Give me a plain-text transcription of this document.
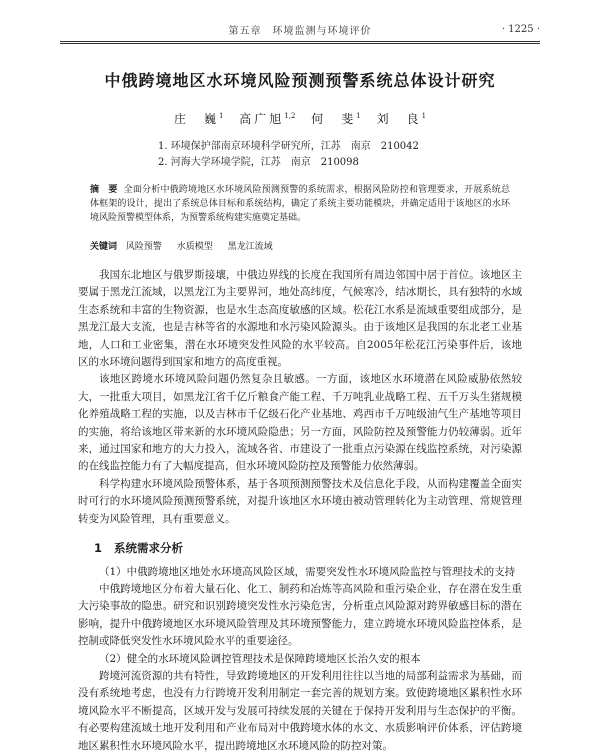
第五章　环境监测与环境评价	· 1225 ·
中俄跨境地区水环境风险预测预警系统总体设计研究
庄　巍$^1$   高广旭$^{1,2}$   何　斐$^1$   刘　良$^1$
1. 环境保护部南京环境科学研究所，江苏　南京　210042
2. 河海大学环境学院，江苏　南京　210098
摘　要 全面分析中俄跨境地区水环境风险预测预警的系统需求，根据风险防控和管理要求，开展系统总体框架的设计，提出了系统总体目标和系统结构，确定了系统主要功能模块，并确定适用于该地区的水环境风险预警模型体系，为预警系统构建实施奠定基础。
关键词 风险预警 水质模型 黑龙江流域

我国东北地区与俄罗斯接壤，中俄边界线的长度在我国所有周边邻国中居于首位。该地区主要属于黑龙江流域，以黑龙江为主要界河，地处高纬度，气候寒冷，结冰期长，具有独特的水域生态系统和丰富的生物资源，也是水生态高度敏感的区域。松花江水系是流域重要组成部分，是黑龙江最大支流，也是吉林等省的水源地和水污染风险源头。由于该地区是我国的东北老工业基地，人口和工业密集，潜在水环境突发性风险的水平较高。自2005年松花江污染事件后，该地区的水环境问题得到国家和地方的高度重视。

该地区跨境水环境风险问题仍然复杂且敏感。一方面，该地区水环境潜在风险威胁依然较大，一批重大项目，如黑龙江省千亿斤粮食产能工程、千万吨乳业战略工程、五千万头生猪规模化养殖战略工程的实施，以及吉林市千亿级石化产业基地、鸡西市千万吨级油气生产基地等项目的实施，将给该地区带来新的水环境风险隐患；另一方面，风险防控及预警能力仍较薄弱。近年来，通过国家和地方的大力投入，流域各省、市建设了一批重点污染源在线监控系统，对污染源的在线监控能力有了大幅度提高，但水环境风险防控及预警能力依然薄弱。

科学构建水环境风险预警体系，基于各项预测预警技术及信息化手段，从而构建覆盖全面实时可行的水环境风险预测预警系统，对提升该地区水环境由被动管理转化为主动管理、常规管理转变为风险管理，具有重要意义。

1 系统需求分析

（1）中俄跨境地区地处水环境高风险区域，需要突发性水环境风险监控与管理技术的支持

中俄跨境地区分布着大量石化、化工、制药和冶炼等高风险和重污染企业，存在潜在发生重大污染事故的隐患。研究和识别跨境突发性水污染危害，分析重点风险源对跨界敏感目标的潜在影响，提升中俄跨境地区水环境风险管理及其环境预警能力，建立跨境水环境风险监控体系，是控制或降低突发性水环境风险水平的重要途径。

（2）健全的水环境风险调控管理技术是保障跨境地区长治久安的根本

跨境河流资源的共有特性，导致跨境地区的开发利用往往以当地的局部利益需求为基础，而没有系统地考虑，也没有力行跨境开发利用制定一套完善的规划方案。致使跨境地区累积性水环境风险水平不断提高，区域开发与发展可持续发展的关键在于保持开发利用与生态保护的平衡。有必要构建流域土地开发利用和产业布局对中俄跨境水体的水文、水质影响评价体系，评估跨境地区累积性水环境风险水平，提出跨境地区水环境风险的防控对策。
